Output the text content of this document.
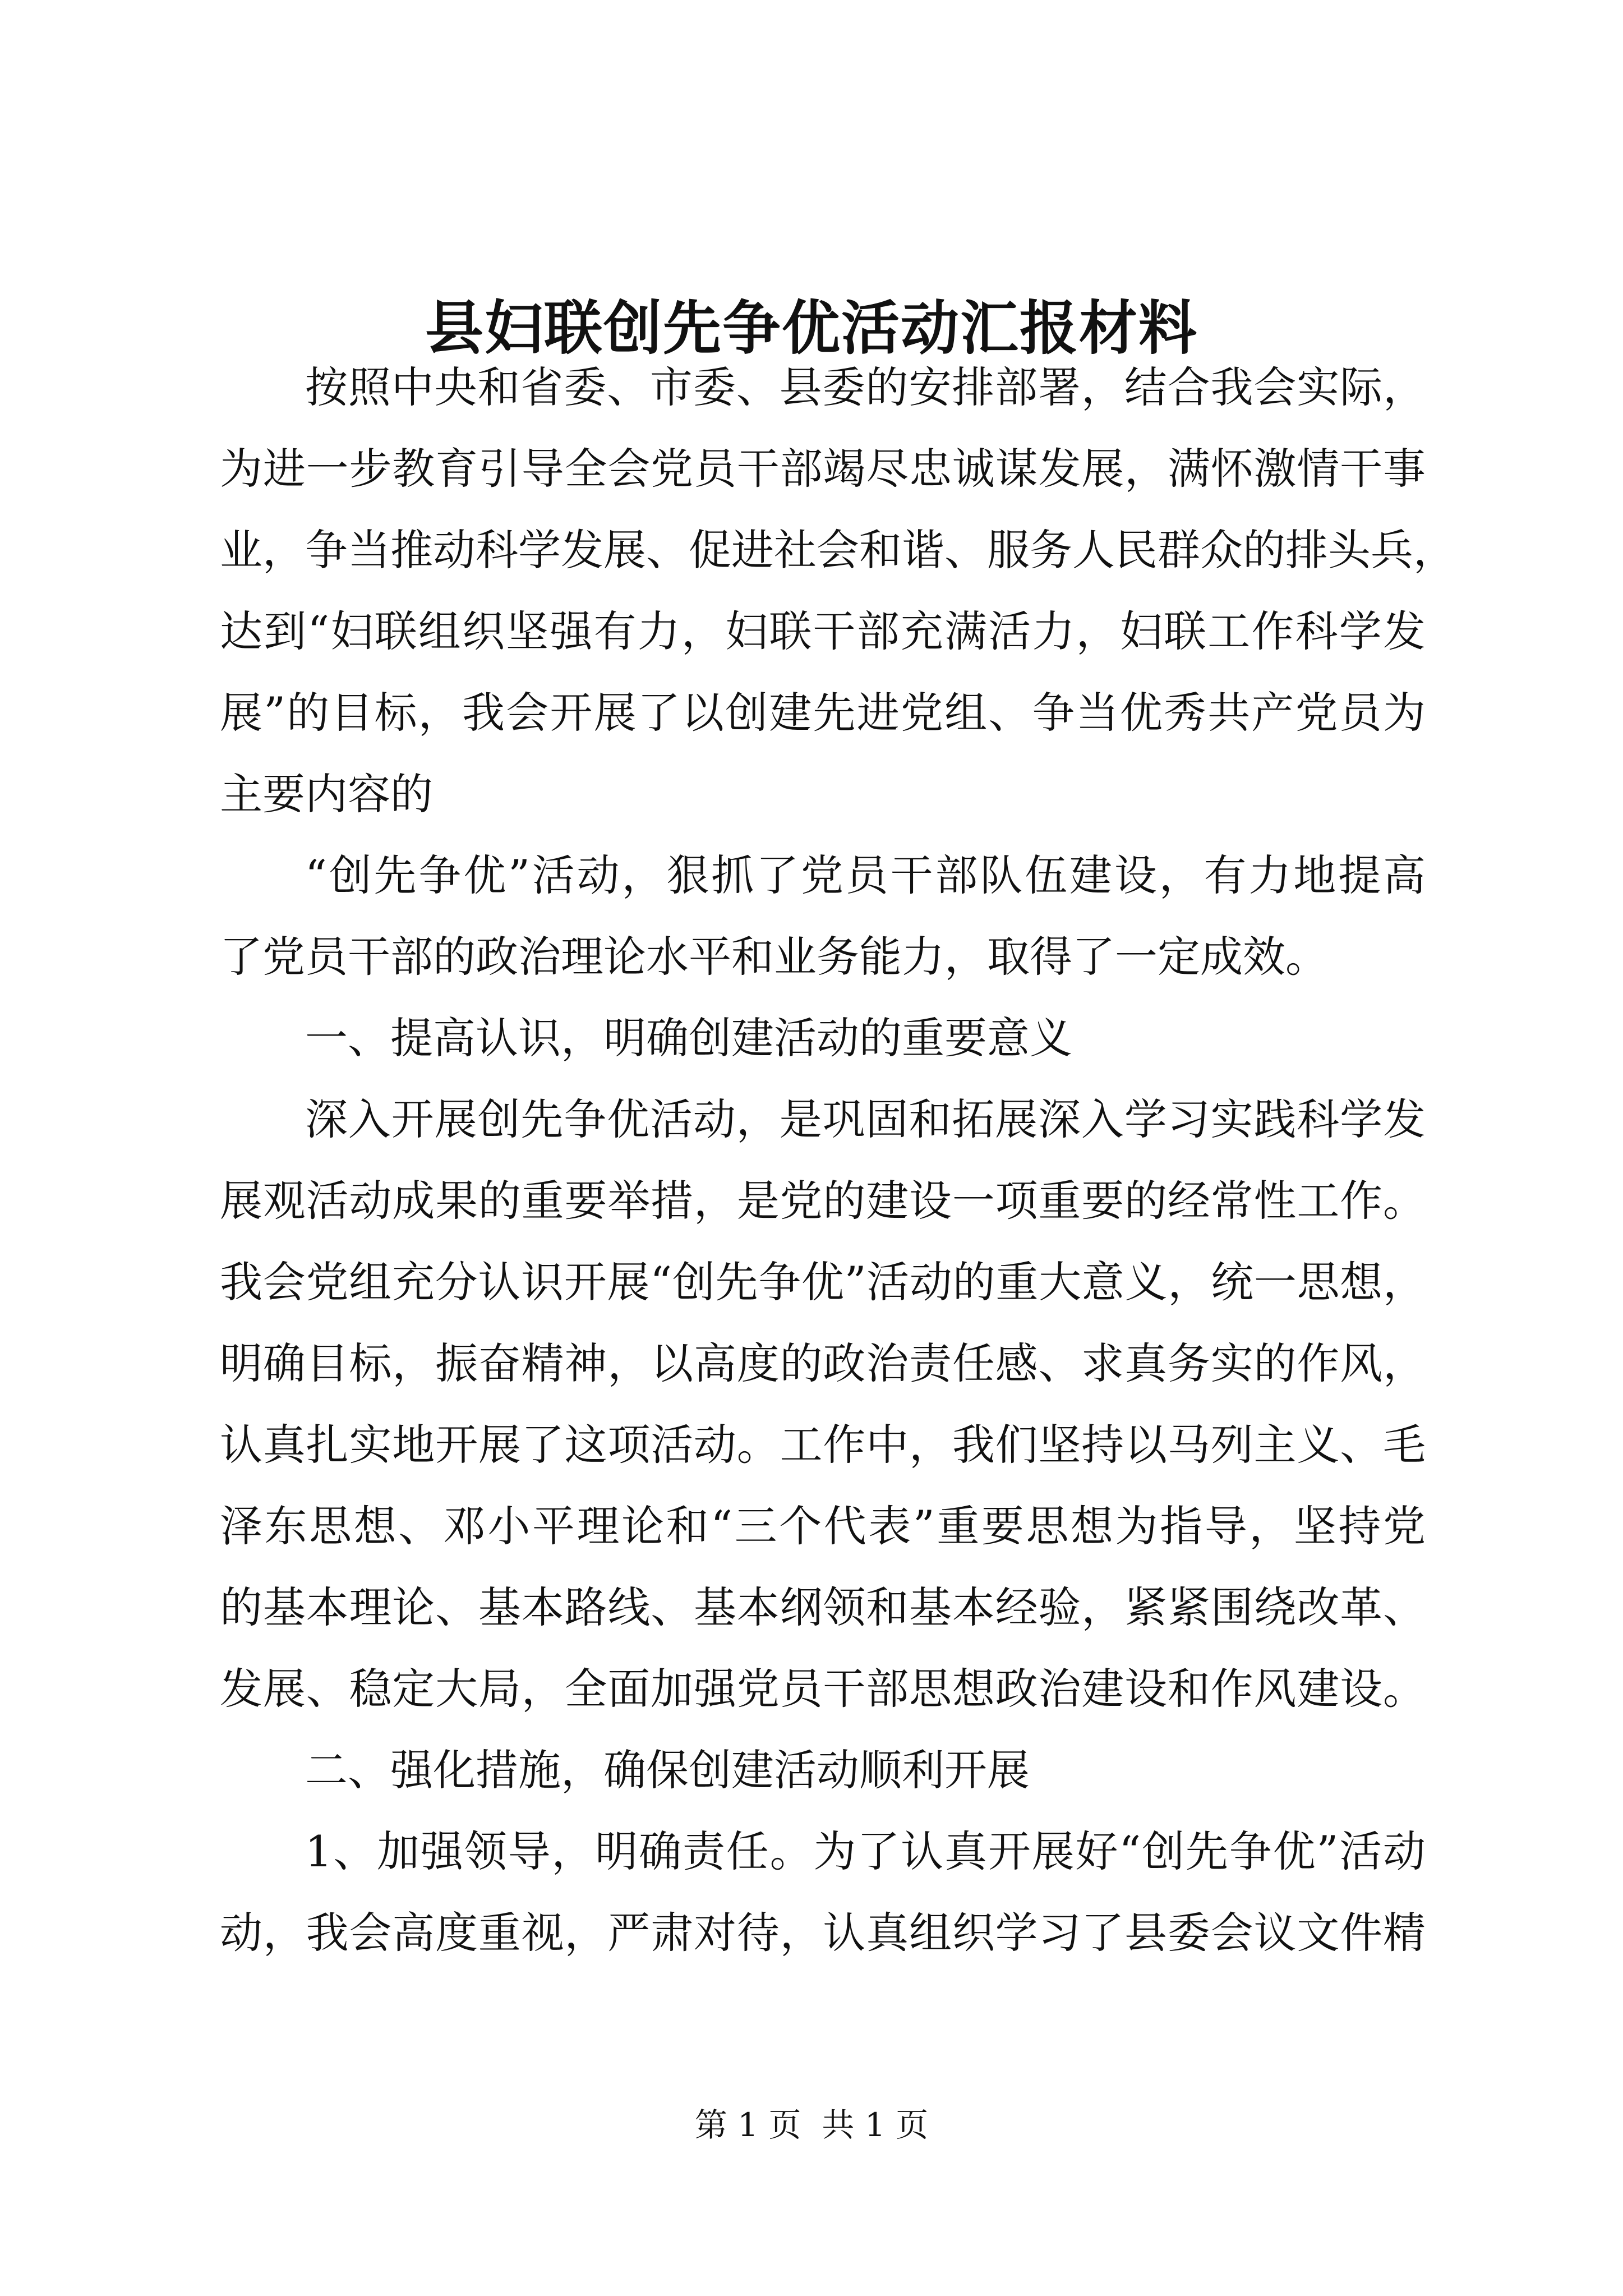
县妇联创先争优活动汇报材料
按照中央和省委、市委、县委的安排部署，结合我会实际，
为进一步教育引导全会党员干部竭尽忠诚谋发展，满怀激情干事
业，争当推动科学发展、促进社会和谐、服务人民群众的排头兵，
达到“妇联组织坚强有力，妇联干部充满活力，妇联工作科学发
展”的目标，我会开展了以创建先进党组、争当优秀共产党员为
主要内容的
“创先争优”活动，狠抓了党员干部队伍建设，有力地提高
了党员干部的政治理论水平和业务能力，取得了一定成效。
一、提高认识，明确创建活动的重要意义
深入开展创先争优活动，是巩固和拓展深入学习实践科学发
展观活动成果的重要举措，是党的建设一项重要的经常性工作。
我会党组充分认识开展“创先争优”活动的重大意义，统一思想，
明确目标，振奋精神，以高度的政治责任感、求真务实的作风，
认真扎实地开展了这项活动。工作中，我们坚持以马列主义、毛
泽东思想、邓小平理论和“三个代表”重要思想为指导，坚持党
的基本理论、基本路线、基本纲领和基本经验，紧紧围绕改革、
发展、稳定大局，全面加强党员干部思想政治建设和作风建设。
二、强化措施，确保创建活动顺利开展
1、加强领导，明确责任。为了认真开展好“创先争优”活动
动，我会高度重视，严肃对待，认真组织学习了县委会议文件精
第 1 页  共 1 页
